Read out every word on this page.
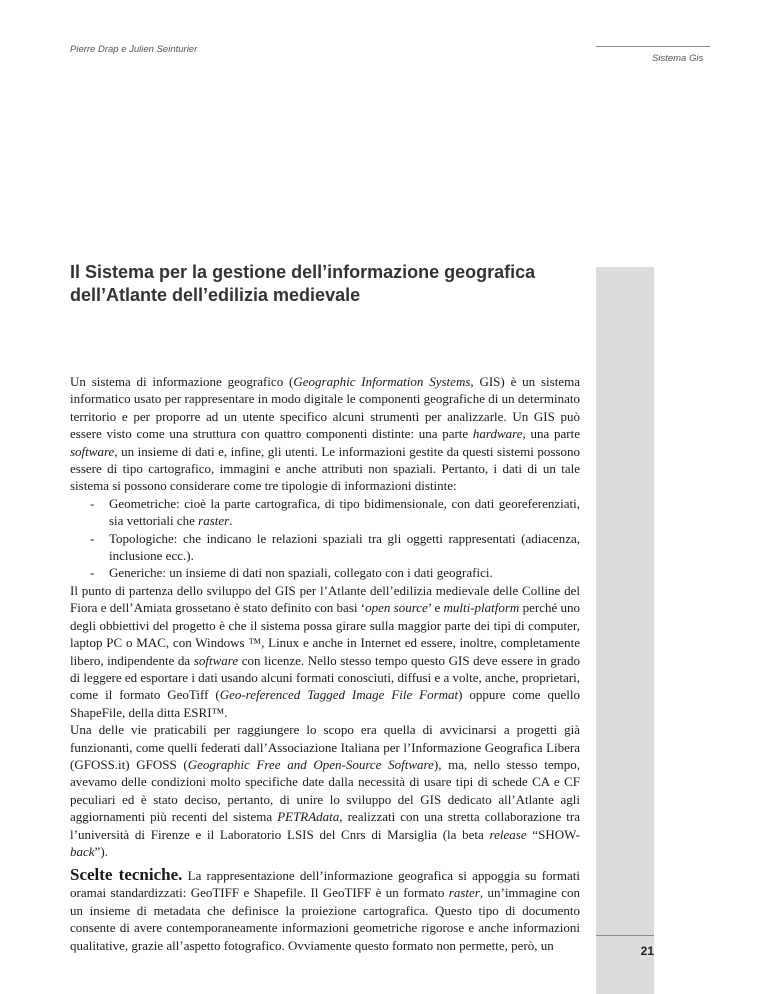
Pierre Drap e Julien Seinturier
Sistema Gis
Il Sistema per la gestione dell’informazione geografica dell’Atlante dell’edilizia medievale

Un sistema di informazione geografico (Geographic Information Systems, GIS) è un sistema informatico usato per rappresentare in modo digitale le componenti geografiche di un determinato territorio e per proporre ad un utente specifico alcuni strumenti per analizzarle. Un GIS può essere visto come una struttura con quattro componenti distinte: una parte hardware, una parte software, un insieme di dati e, infine, gli utenti. Le informazioni gestite da questi sistemi possono essere di tipo cartografico, immagini e anche attributi non spaziali. Pertanto, i dati di un tale sistema si possono considerare come tre tipologie di informazioni distinte:

- Geometriche: cioè la parte cartografica, di tipo bidimensionale, con dati georeferenziati, sia vettoriali che raster.

- Topologiche: che indicano le relazioni spaziali tra gli oggetti rappresentati (adiacenza, inclusione ecc.).

- Generiche: un insieme di dati non spaziali, collegato con i dati geografici.

Il punto di partenza dello sviluppo del GIS per l’Atlante dell’edilizia medievale delle Colline del Fiora e dell’Amiata grossetano è stato definito con basi ‘open source’ e multi-platform perché uno degli obbiettivi del progetto è che il sistema possa girare sulla maggior parte dei tipi di computer, laptop PC o MAC, con Windows ™, Linux e anche in Internet ed essere, inoltre, completamente libero, indipendente da software con licenze. Nello stesso tempo questo GIS deve essere in grado di leggere ed esportare i dati usando alcuni formati conosciuti, diffusi e a volte, anche, proprietari, come il formato GeoTiff (Geo-referenced Tagged Image File Format) oppure come quello ShapeFile, della ditta ESRI™.

Una delle vie praticabili per raggiungere lo scopo era quella di avvicinarsi a progetti già funzionanti, come quelli federati dall’Associazione Italiana per l’Informazione Geografica Libera (GFOSS.it) GFOSS (Geographic Free and Open-Source Software), ma, nello stesso tempo, avevamo delle condizioni molto specifiche date dalla necessità di usare tipi di schede CA e CF peculiari ed è stato deciso, pertanto, di unire lo sviluppo del GIS dedicato all’Atlante agli aggiornamenti più recenti del sistema PETRAdata, realizzati con una stretta collaborazione tra l’università di Firenze e il Laboratorio LSIS del Cnrs di Marsiglia (la beta release “SHOW-back”).

Scelte tecniche. La rappresentazione dell’informazione geografica si appoggia su formati oramai standardizzati: GeoTIFF e Shapefile. Il GeoTIFF è un formato raster, un’immagine con un insieme di metadata che definisce la proiezione cartografica. Questo tipo di documento consente di avere contemporaneamente informazioni geometriche rigorose e anche informazioni qualitative, grazie all’aspetto fotografico. Ovviamente questo formato non permette, però, un	21
